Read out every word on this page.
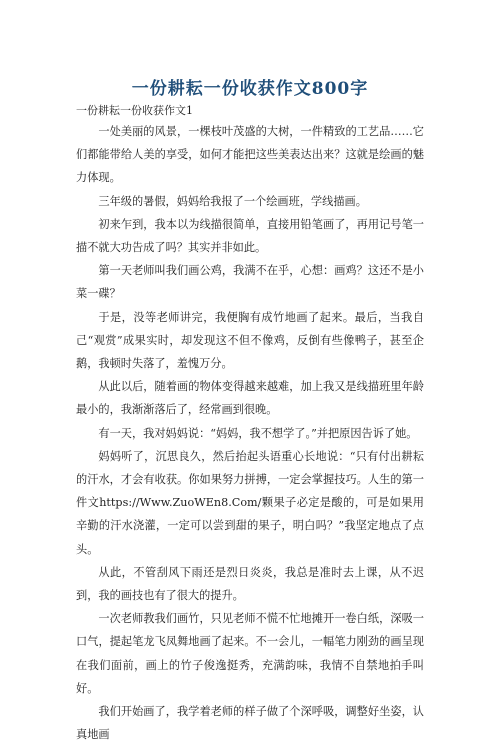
一份耕耘一份收获作文800字
一份耕耘一份收获作文1

一处美丽的风景，一棵枝叶茂盛的大树，一件精致的工艺品……它们都能带给人美的享受，如何才能把这些美表达出来？这就是绘画的魅力体现。

三年级的暑假，妈妈给我报了一个绘画班，学线描画。

初来乍到，我本以为线描很简单，直接用铅笔画了，再用记号笔一描不就大功告成了吗？其实并非如此。

第一天老师叫我们画公鸡，我满不在乎，心想：画鸡？这还不是小菜一碟？

于是，没等老师讲完，我便胸有成竹地画了起来。最后，当我自己“观赏”成果实时，却发现这不但不像鸡，反倒有些像鸭子，甚至企鹅，我顿时失落了，羞愧万分。

从此以后，随着画的物体变得越来越难，加上我又是线描班里年龄最小的，我渐渐落后了，经常画到很晚。

有一天，我对妈妈说：“妈妈，我不想学了。”并把原因告诉了她。

妈妈听了，沉思良久，然后抬起头语重心长地说：“只有付出耕耘的汗水，才会有收获。你如果努力拼搏，一定会掌握技巧。人生的第一件文https://Www.ZuoWEn8.Com/颗果子必定是酸的，可是如果用辛勤的汗水浇灌，一定可以尝到甜的果子，明白吗？”我坚定地点了点头。

从此，不管刮风下雨还是烈日炎炎，我总是准时去上课，从不迟到，我的画技也有了很大的提升。

一次老师教我们画竹，只见老师不慌不忙地摊开一卷白纸，深吸一口气，提起笔龙飞凤舞地画了起来。不一会儿，一幅笔力刚劲的画呈现在我们面前，画上的竹子俊逸挺秀，充满韵味，我情不自禁地拍手叫好。

我们开始画了，我学着老师的样子做了个深呼吸，调整好坐姿，认真地画
